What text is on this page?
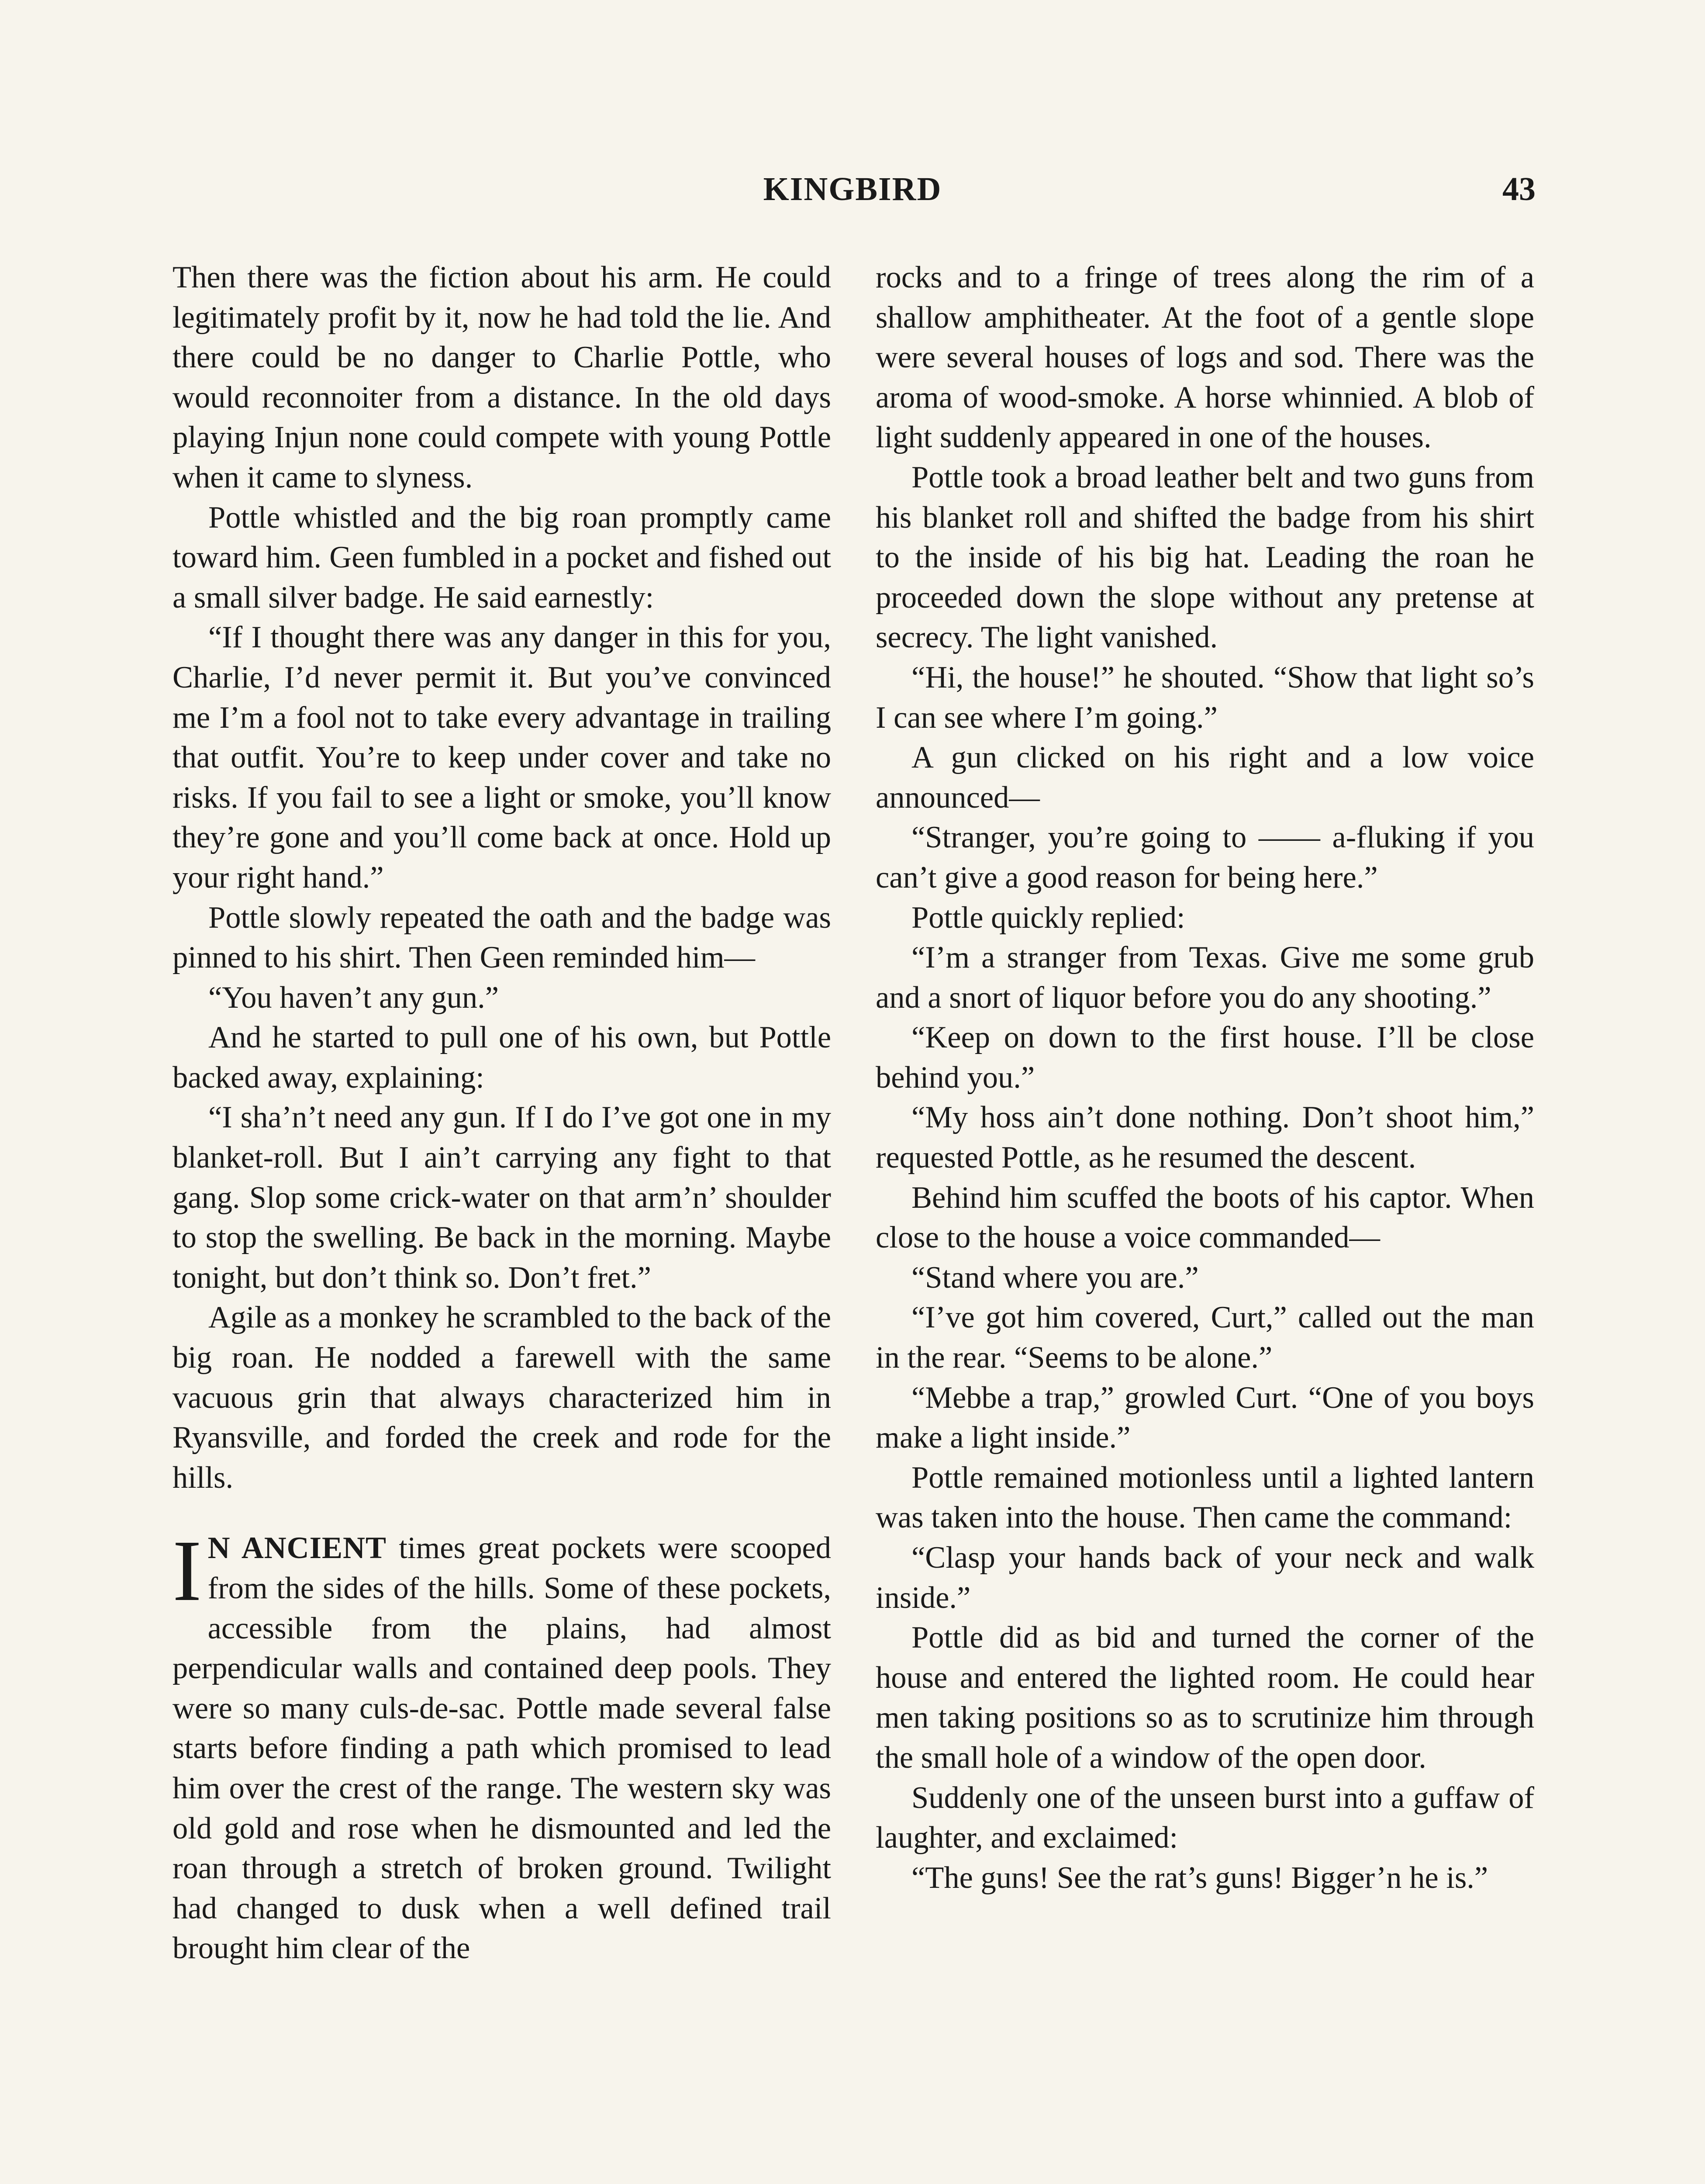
KINGBIRD	43

Then there was the fiction about his arm. He could legitimately profit by it, now he had told the lie. And there could be no danger to Charlie Pottle, who would reconnoiter from a distance. In the old days playing Injun none could compete with young Pottle when it came to slyness.

Pottle whistled and the big roan promptly came toward him. Geen fumbled in a pocket and fished out a small silver badge. He said earnestly:

“If I thought there was any danger in this for you, Charlie, I’d never permit it. But you’ve convinced me I’m a fool not to take every advantage in trailing that outfit. You’re to keep under cover and take no risks. If you fail to see a light or smoke, you’ll know they’re gone and you’ll come back at once. Hold up your right hand.”

Pottle slowly repeated the oath and the badge was pinned to his shirt. Then Geen reminded him—

“You haven’t any gun.”

And he started to pull one of his own, but Pottle backed away, explaining:

“I sha’n’t need any gun. If I do I’ve got one in my blanket-roll. But I ain’t carrying any fight to that gang. Slop some crick-water on that arm’n’ shoulder to stop the swelling. Be back in the morning. Maybe tonight, but don’t think so. Don’t fret.”

Agile as a monkey he scrambled to the back of the big roan. He nodded a farewell with the same vacuous grin that always characterized him in Ryansville, and forded the creek and rode for the hills.

I N ANCIENT times great pockets were scooped from the sides of the hills. Some of these pockets, accessible from the plains, had almost perpendicular walls and contained deep pools. They were so many culs-de-sac. Pottle made several false starts before finding a path which promised to lead him over the crest of the range. The western sky was old gold and rose when he dismounted and led the roan through a stretch of broken ground. Twilight had changed to dusk when a well defined trail brought him clear of the

rocks and to a fringe of trees along the rim of a shallow amphitheater. At the foot of a gentle slope were several houses of logs and sod. There was the aroma of wood-smoke. A horse whinnied. A blob of light suddenly appeared in one of the houses.

Pottle took a broad leather belt and two guns from his blanket roll and shifted the badge from his shirt to the inside of his big hat. Leading the roan he proceeded down the slope without any pretense at secrecy. The light vanished.

“Hi, the house!” he shouted. “Show that light so’s I can see where I’m going.”

A gun clicked on his right and a low voice announced—

“Stranger, you’re going to —— a-fluking if you can’t give a good reason for being here.”

Pottle quickly replied:

“I’m a stranger from Texas. Give me some grub and a snort of liquor before you do any shooting.”

“Keep on down to the first house. I’ll be close behind you.”

“My hoss ain’t done nothing. Don’t shoot him,” requested Pottle, as he resumed the descent.

Behind him scuffed the boots of his captor. When close to the house a voice commanded—

“Stand where you are.”

“I’ve got him covered, Curt,” called out the man in the rear. “Seems to be alone.”

“Mebbe a trap,” growled Curt. “One of you boys make a light inside.”

Pottle remained motionless until a lighted lantern was taken into the house. Then came the command:

“Clasp your hands back of your neck and walk inside.”

Pottle did as bid and turned the corner of the house and entered the lighted room. He could hear men taking positions so as to scrutinize him through the small hole of a window of the open door.

Suddenly one of the unseen burst into a guffaw of laughter, and exclaimed:

“The guns! See the rat’s guns! Bigger’n he is.”
